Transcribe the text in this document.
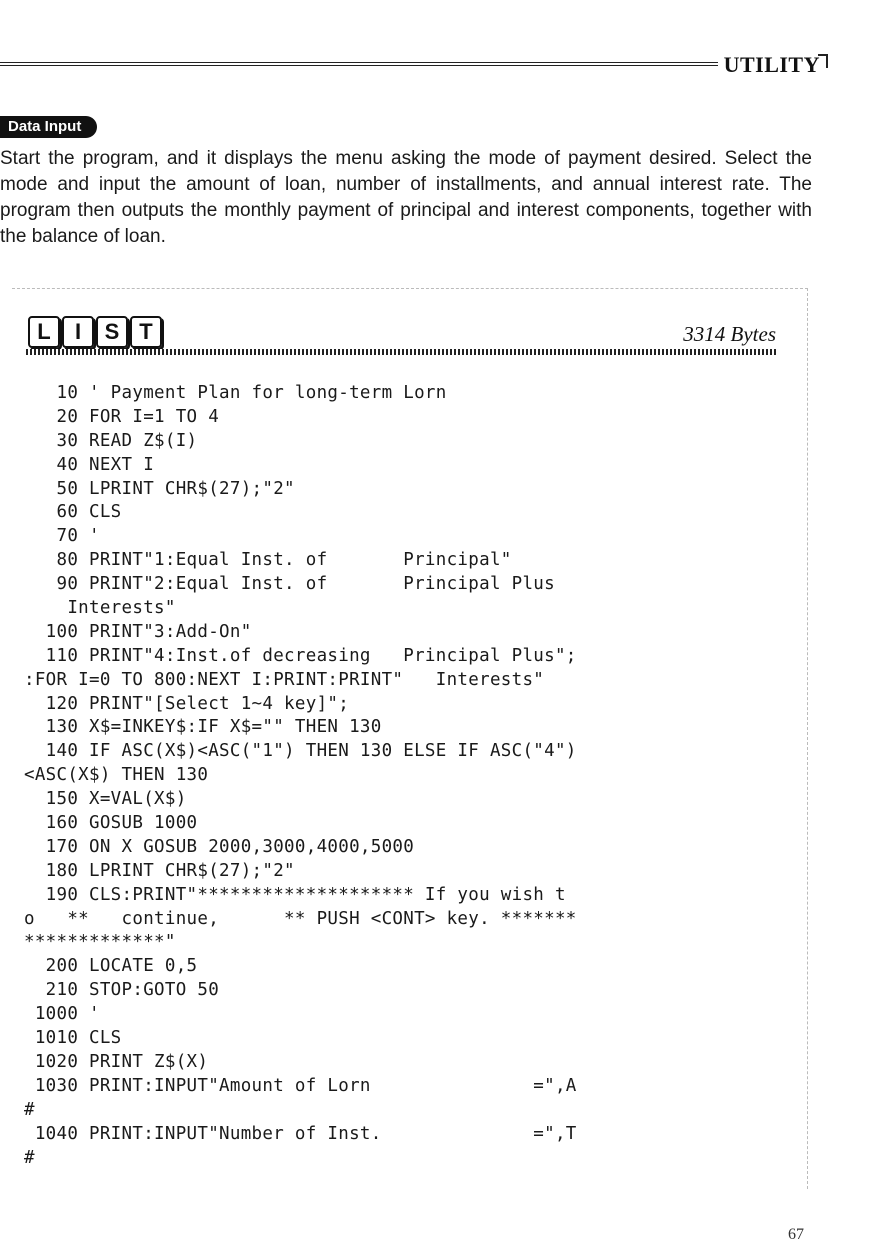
UTILITY
Data Input

Start the program, and it displays the menu asking the mode of payment desired. Select the mode and input the amount of loan, number of installments, and annual interest rate. The program then outputs the monthly payment of principal and interest components, together with the balance of loan.

L	I	S T	3314 Bytes
10 ' Payment Plan for long-term Lorn
20 FOR I=1 TO 4
30 READ Z$(I)
40 NEXT I
50 LPRINT CHR$(27);"2"
60 CLS
70 '
80 PRINT"1:Equal Inst. of       Principal"
90 PRINT"2:Equal Inst. of       Principal Plus
Interests"
100 PRINT"3:Add-On"
110 PRINT"4:Inst.of decreasing   Principal Plus";
:FOR I=0 TO 800:NEXT I:PRINT:PRINT"   Interests"
120 PRINT"[Select 1~4 key]";
130 X$=INKEY$:IF X$="" THEN 130
140 IF ASC(X$)<ASC("1") THEN 130 ELSE IF ASC("4")
<ASC(X$) THEN 130
150 X=VAL(X$)
160 GOSUB 1000
170 ON X GOSUB 2000,3000,4000,5000
180 LPRINT CHR$(27);"2"
190 CLS:PRINT"******************** If you wish t
o   **   continue,      ** PUSH <CONT> key. *******
*************"
200 LOCATE 0,5
210 STOP:GOTO 50
1000 '
1010 CLS
1020 PRINT Z$(X)
1030 PRINT:INPUT"Amount of Lorn               =",A
#
1040 PRINT:INPUT"Number of Inst.              =",T
#
67
